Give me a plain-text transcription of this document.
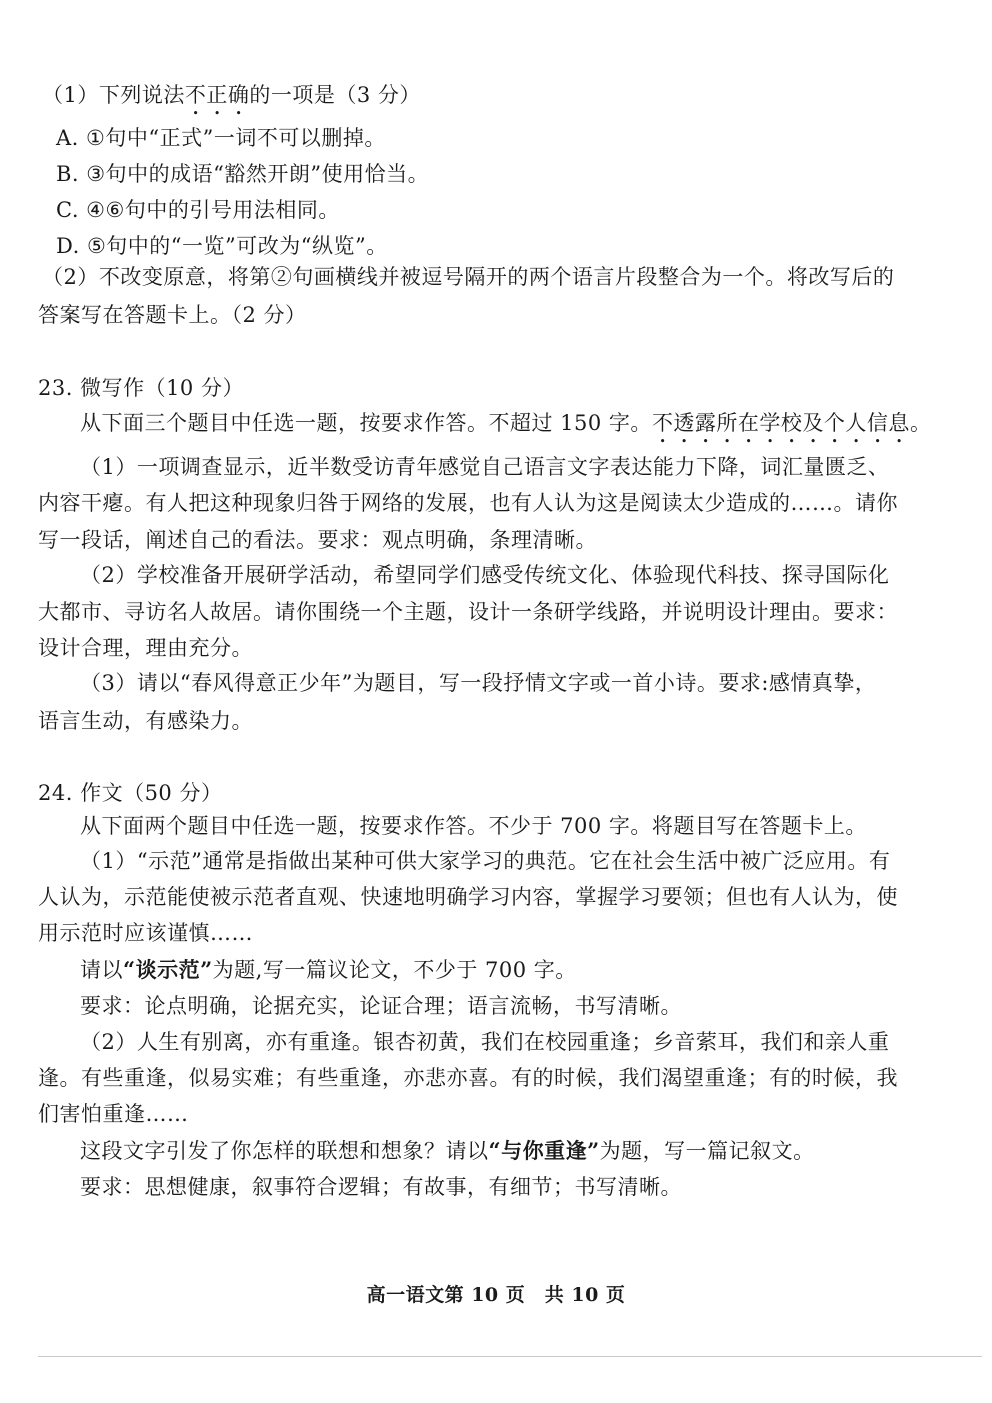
（1）下列说法不正确的一项是（3 分）
A. ①句中“正式”一词不可以删掉。
B. ③句中的成语“豁然开朗”使用恰当。
C. ④⑥句中的引号用法相同。
D. ⑤句中的“一览”可改为“纵览”。
（2）不改变原意，将第②句画横线并被逗号隔开的两个语言片段整合为一个。将改写后的
答案写在答题卡上。（2 分）
23. 微写作（10 分）
从下面三个题目中任选一题，按要求作答。不超过 150 字。不透露所在学校及个人信息。
（1）一项调查显示，近半数受访青年感觉自己语言文字表达能力下降，词汇量匮乏、
内容干瘪。有人把这种现象归咎于网络的发展，也有人认为这是阅读太少造成的……。请你
写一段话，阐述自己的看法。要求：观点明确，条理清晰。
（2）学校准备开展研学活动，希望同学们感受传统文化、体验现代科技、探寻国际化
大都市、寻访名人故居。请你围绕一个主题，设计一条研学线路，并说明设计理由。要求：
设计合理，理由充分。
（3）请以“春风得意正少年”为题目，写一段抒情文字或一首小诗。要求:感情真挚，
语言生动，有感染力。
24. 作文（50 分）
从下面两个题目中任选一题，按要求作答。不少于 700 字。将题目写在答题卡上。
（1）“示范”通常是指做出某种可供大家学习的典范。它在社会生活中被广泛应用。有
人认为，示范能使被示范者直观、快速地明确学习内容，掌握学习要领；但也有人认为，使
用示范时应该谨慎……
请以“谈示范”为题,写一篇议论文，不少于 700 字。
要求：论点明确，论据充实，论证合理；语言流畅，书写清晰。
（2）人生有别离，亦有重逢。银杏初黄，我们在校园重逢；乡音萦耳，我们和亲人重
逢。有些重逢，似易实难；有些重逢，亦悲亦喜。有的时候，我们渴望重逢；有的时候，我
们害怕重逢……
这段文字引发了你怎样的联想和想象？请以“与你重逢”为题，写一篇记叙文。
要求：思想健康，叙事符合逻辑；有故事，有细节；书写清晰。
高一语文第 10 页　共 10 页
